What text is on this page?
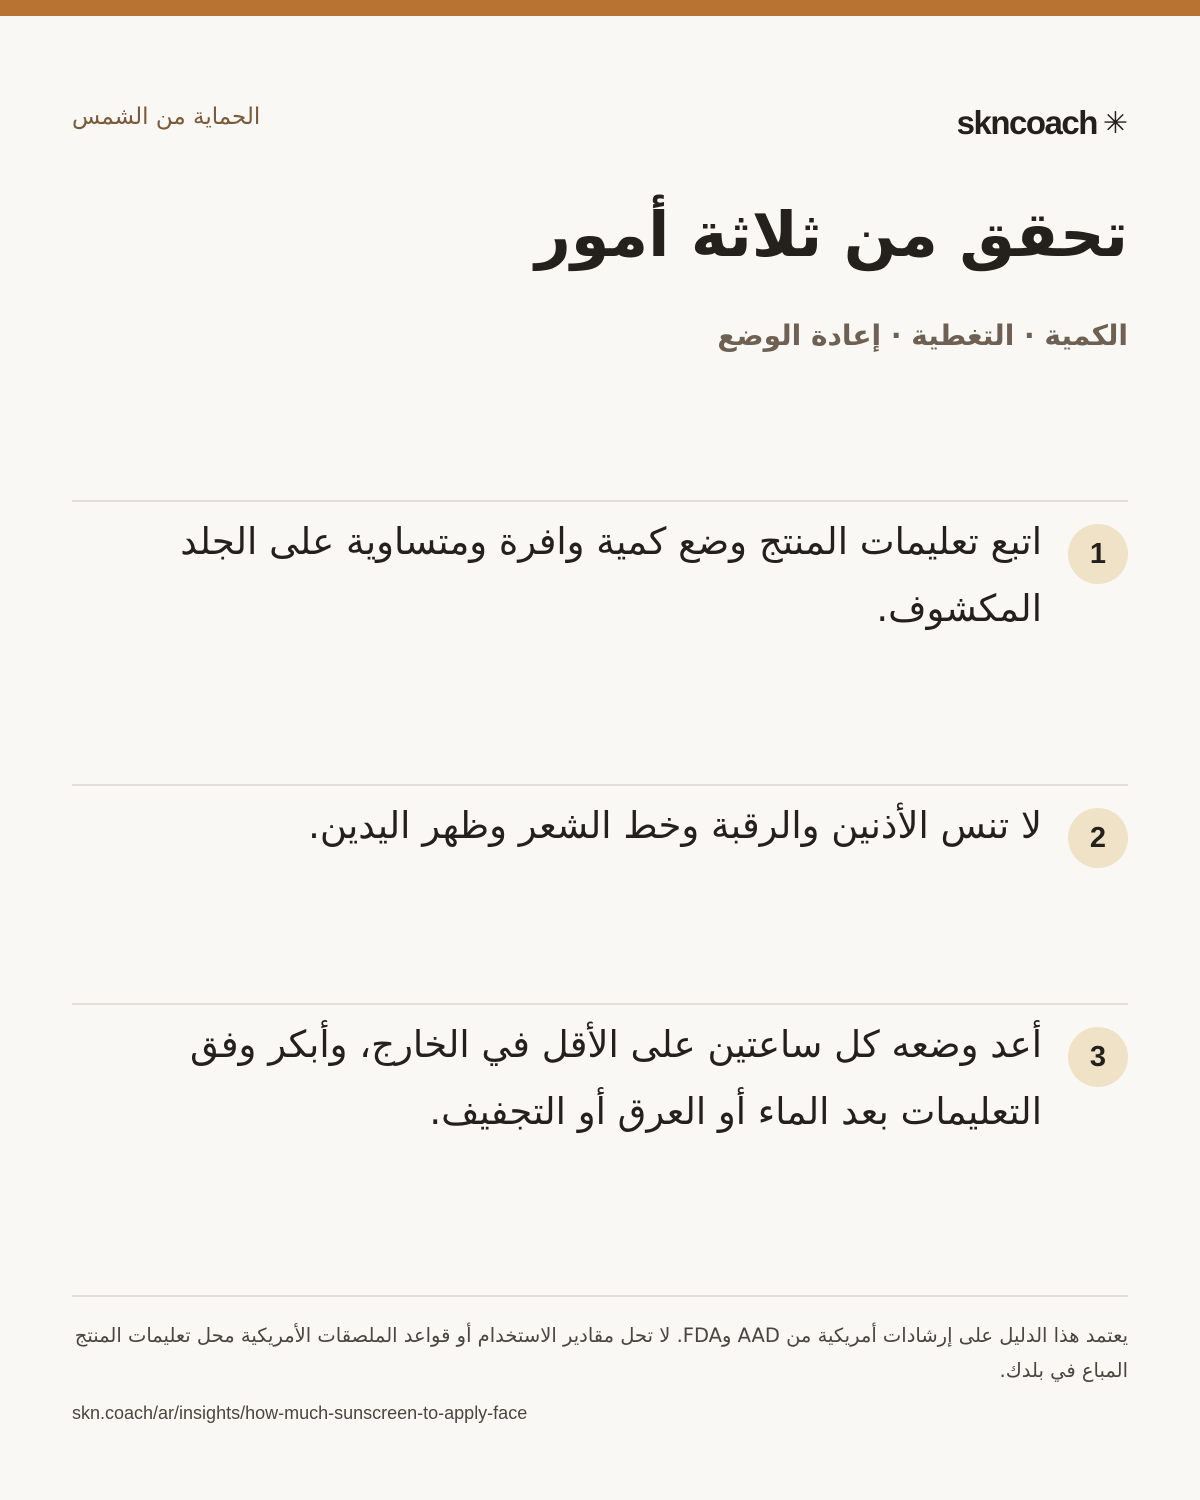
skncoach ✳
الحماية من الشمس
تحقق من ثلاثة أمور
الكمية · التغطية · إعادة الوضع
1
اتبع تعليمات المنتج وضع كمية وافرة ومتساوية على الجلد المكشوف.
2
لا تنس الأذنين والرقبة وخط الشعر وظهر اليدين.
3
أعد وضعه كل ساعتين على الأقل في الخارج، وأبكر وفق التعليمات بعد الماء أو العرق أو التجفيف.

يعتمد هذا الدليل على إرشادات أمريكية من AAD وFDA. لا تحل مقادير الاستخدام أو قواعد الملصقات الأمريكية محل تعليمات المنتج المباع في بلدك.

skn.coach/ar/insights/how-much-sunscreen-to-apply-face
